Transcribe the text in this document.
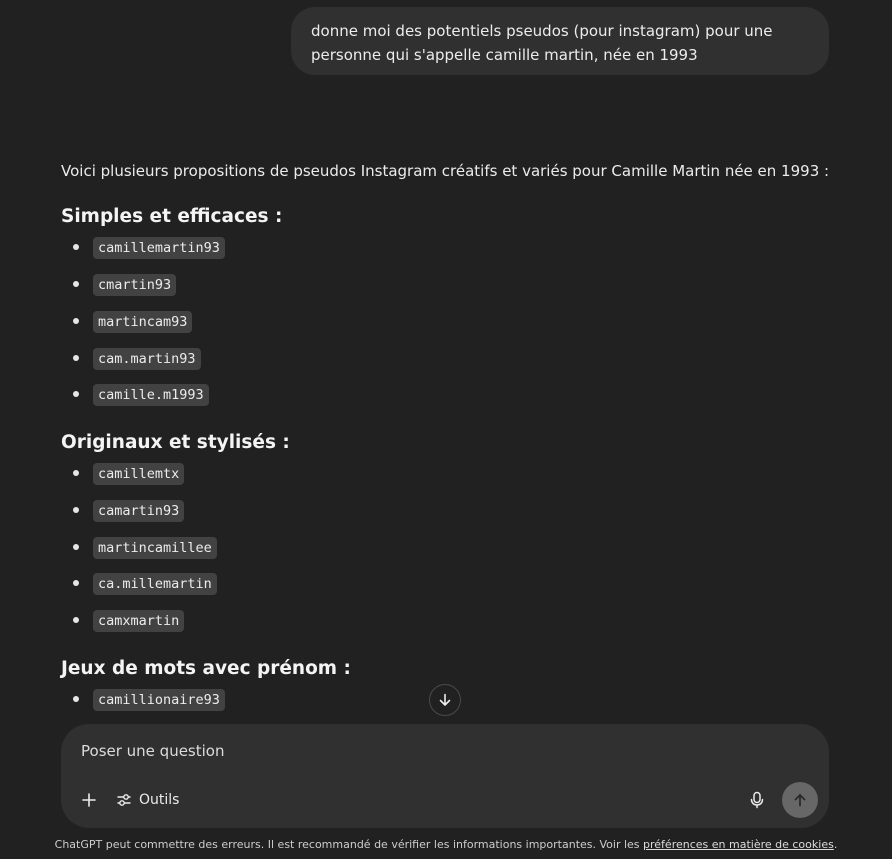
donne moi des potentiels pseudos (pour instagram) pour une
personne qui s'appelle camille martin, née en 1993

Voici plusieurs propositions de pseudos Instagram créatifs et variés pour Camille Martin née en 1993 :

Simples et efficaces :
camillemartin93
cmartin93
martincam93
cam.martin93
camille.m1993
Originaux et stylisés :
camillemtx
camartin93
martincamillee
ca.millemartin
camxmartin
Jeux de mots avec prénom :
camillionaire93
Poser une question
Outils
ChatGPT peut commettre des erreurs. Il est recommandé de vérifier les informations importantes. Voir les préférences en matière de cookies.
